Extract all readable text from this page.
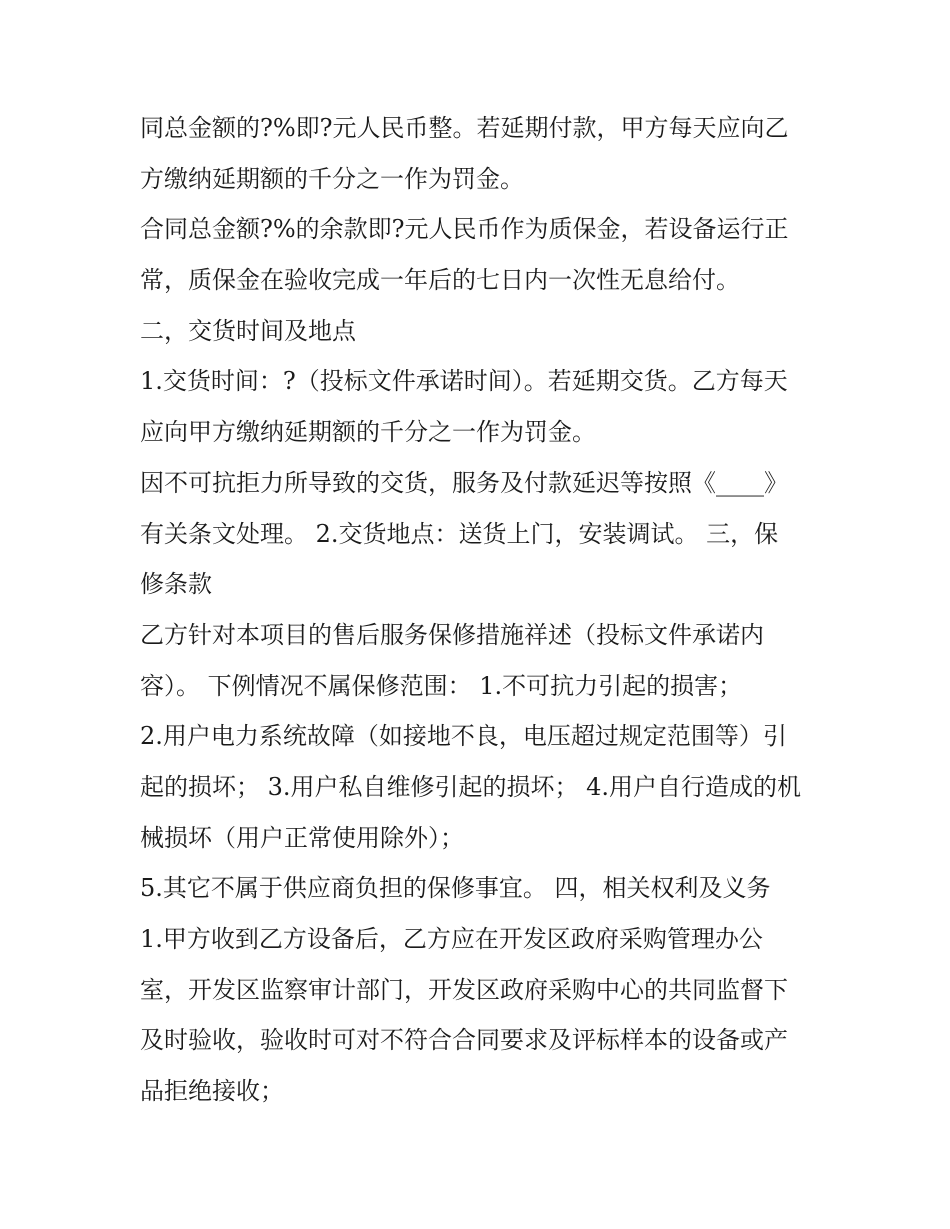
同总金额的?%即?元人民币整。若延期付款，甲方每天应向乙
方缴纳延期额的千分之一作为罚金。
合同总金额?%的余款即?元人民币作为质保金，若设备运行正
常，质保金在验收完成一年后的七日内一次性无息给付。
二，交货时间及地点
1.交货时间：?（投标文件承诺时间）。若延期交货。乙方每天
应向甲方缴纳延期额的千分之一作为罚金。
因不可抗拒力所导致的交货，服务及付款延迟等按照《____》
有关条文处理。 2.交货地点：送货上门，安装调试。 三，保
修条款
乙方针对本项目的售后服务保修措施祥述（投标文件承诺内
容）。 下例情况不属保修范围： 1.不可抗力引起的损害；
2.用户电力系统故障（如接地不良，电压超过规定范围等）引
起的损坏； 3.用户私自维修引起的损坏； 4.用户自行造成的机
械损坏（用户正常使用除外）；
5.其它不属于供应商负担的保修事宜。 四，相关权利及义务
1.甲方收到乙方设备后，乙方应在开发区政府采购管理办公
室，开发区监察审计部门，开发区政府采购中心的共同监督下
及时验收，验收时可对不符合合同要求及评标样本的设备或产
品拒绝接收；
